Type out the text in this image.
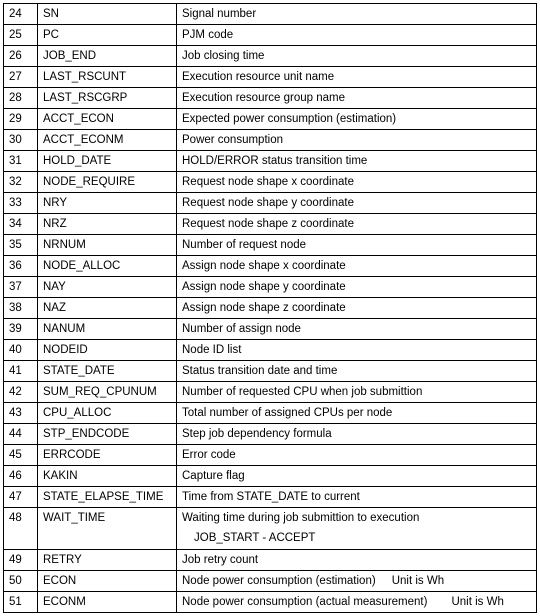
24	SN	Signal number
25	PC	PJM code
26	JOB_END	Job closing time
27	LAST_RSCUNT	Execution resource unit name
28	LAST_RSCGRP	Execution resource group name
29	ACCT_ECON	Expected power consumption (estimation)
30	ACCT_ECONM	Power consumption
31	HOLD_DATE	HOLD/ERROR status transition time
32	NODE_REQUIRE	Request node shape x coordinate
33	NRY	Request node shape y coordinate
34	NRZ	Request node shape z coordinate
35	NRNUM	Number of request node
36	NODE_ALLOC	Assign node shape x coordinate
37	NAY	Assign node shape y coordinate
38	NAZ	Assign node shape z coordinate
39	NANUM	Number of assign node
40	NODEID	Node ID list
41	STATE_DATE	Status transition date and time
42	SUM_REQ_CPUNUM	Number of requested CPU when job submittion
43	CPU_ALLOC	Total number of assigned CPUs per node
44	STP_ENDCODE	Step job dependency formula
45	ERRCODE	Error code
46	KAKIN	Capture flag
47	STATE_ELAPSE_TIME	Time from STATE_DATE to current
48	WAIT_TIME	Waiting time during job submittion to execution
JOB_START - ACCEPT

49	RETRY	Job retry count
50	ECON	Node power consumption (estimation) Unit is Wh
51	ECONM	Node power consumption (actual measurement) Unit is Wh
